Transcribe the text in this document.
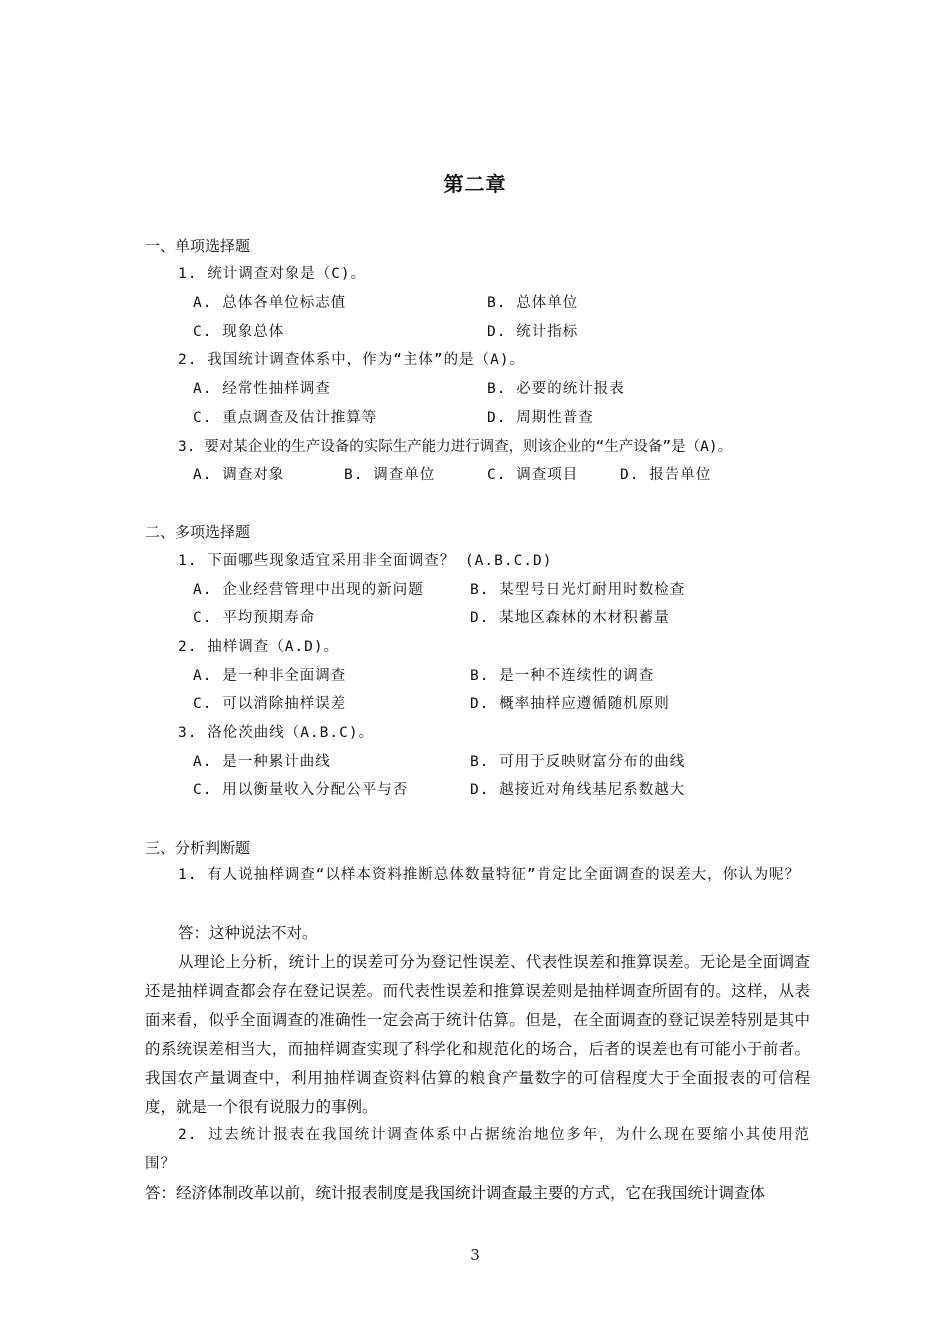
第二章
一、单项选择题
1. 统计调查对象是（C)。
A. 总体各单位标志值	B. 总体单位
C. 现象总体	D. 统计指标
2. 我国统计调查体系中，作为“主体”的是（A)。
A. 经常性抽样调查	B. 必要的统计报表
C. 重点调查及估计推算等	D. 周期性普查
3. 要对某企业的生产设备的实际生产能力进行调查，则该企业的“生产设备”是（A)。
A. 调查对象	B. 调查单位	C. 调查项目	D. 报告单位
二、多项选择题
1. 下面哪些现象适宜采用非全面调查？ (A.B.C.D)
A. 企业经营管理中出现的新问题	B. 某型号日光灯耐用时数检查
C. 平均预期寿命	D. 某地区森林的木材积蓄量
2. 抽样调查（A.D)。
A. 是一种非全面调查	B. 是一种不连续性的调查
C. 可以消除抽样误差	D. 概率抽样应遵循随机原则
3. 洛伦茨曲线（A.B.C)。
A. 是一种累计曲线	B. 可用于反映财富分布的曲线
C. 用以衡量收入分配公平与否	D. 越接近对角线基尼系数越大
三、分析判断题
1. 有人说抽样调查“以样本资料推断总体数量特征”肯定比全面调查的误差大，你认为呢？
答：这种说法不对。
从理论上分析，统计上的误差可分为登记性误差、代表性误差和推算误差。无论是全面调查还是抽样调查都会存在登记误差。而代表性误差和推算误差则是抽样调查所固有的。这样，从表面来看，似乎全面调查的准确性一定会高于统计估算。但是，在全面调查的登记误差特别是其中的系统误差相当大，而抽样调查实现了科学化和规范化的场合，后者的误差也有可能小于前者。我国农产量调查中，利用抽样调查资料估算的粮食产量数字的可信程度大于全面报表的可信程度，就是一个很有说服力的事例。
2. 过去统计报表在我国统计调查体系中占据统治地位多年，为什么现在要缩小其使用范围？
答：经济体制改革以前，统计报表制度是我国统计调查最主要的方式，它在我国统计调查体
3
